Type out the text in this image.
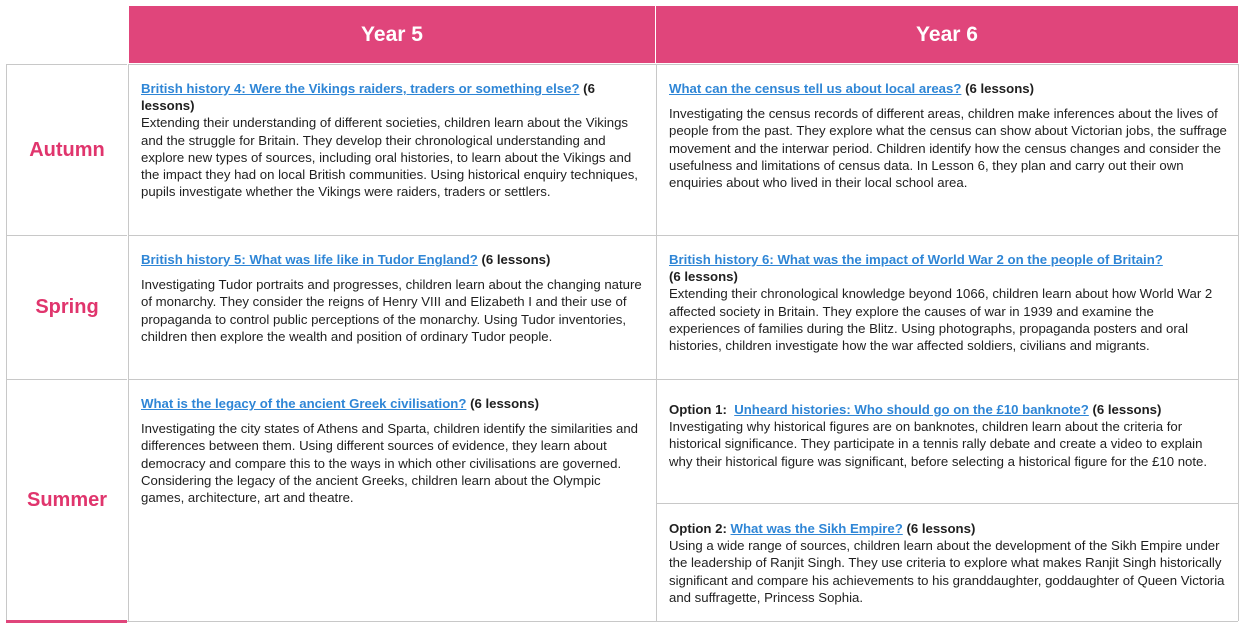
Year 5	Year 6
Autumn
Spring
Summer
British history 4: Were the Vikings raiders, traders or something else? (6 lessons)
Extending their understanding of different societies, children learn about the Vikings and the struggle for Britain. They develop their chronological understanding and explore new types of sources, including oral histories, to learn about the Vikings and the impact they had on local British communities. Using historical enquiry techniques, pupils investigate whether the Vikings were raiders, traders or settlers.
What can the census tell us about local areas? (6 lessons)
Investigating the census records of different areas, children make inferences about the lives of people from the past. They explore what the census can show about Victorian jobs, the suffrage movement and the interwar period. Children identify how the census changes and consider the usefulness and limitations of census data. In Lesson 6, they plan and carry out their own enquiries about who lived in their local school area.
British history 5: What was life like in Tudor England? (6 lessons)
Investigating Tudor portraits and progresses, children learn about the changing nature of monarchy. They consider the reigns of Henry VIII and Elizabeth I and their use of propaganda to control public perceptions of the monarchy. Using Tudor inventories, children then explore the wealth and position of ordinary Tudor people.
British history 6: What was the impact of World War 2 on the people of Britain?
(6 lessons)
Extending their chronological knowledge beyond 1066, children learn about how World War 2 affected society in Britain. They explore the causes of war in 1939 and examine the experiences of families during the Blitz. Using photographs, propaganda posters and oral histories, children investigate how the war affected soldiers, civilians and migrants.
What is the legacy of the ancient Greek civilisation? (6 lessons)
Investigating the city states of Athens and Sparta, children identify the similarities and differences between them. Using different sources of evidence, they learn about democracy and compare this to the ways in which other civilisations are governed. Considering the legacy of the ancient Greeks, children learn about the Olympic games, architecture, art and theatre.
Option 1: Unheard histories: Who should go on the £10 banknote? (6 lessons)
Investigating why historical figures are on banknotes, children learn about the criteria for historical significance. They participate in a tennis rally debate and create a video to explain why their historical figure was significant, before selecting a historical figure for the £10 note.
Option 2: What was the Sikh Empire? (6 lessons)
Using a wide range of sources, children learn about the development of the Sikh Empire under the leadership of Ranjit Singh. They use criteria to explore what makes Ranjit Singh historically significant and compare his achievements to his granddaughter, goddaughter of Queen Victoria and suffragette, Princess Sophia.
